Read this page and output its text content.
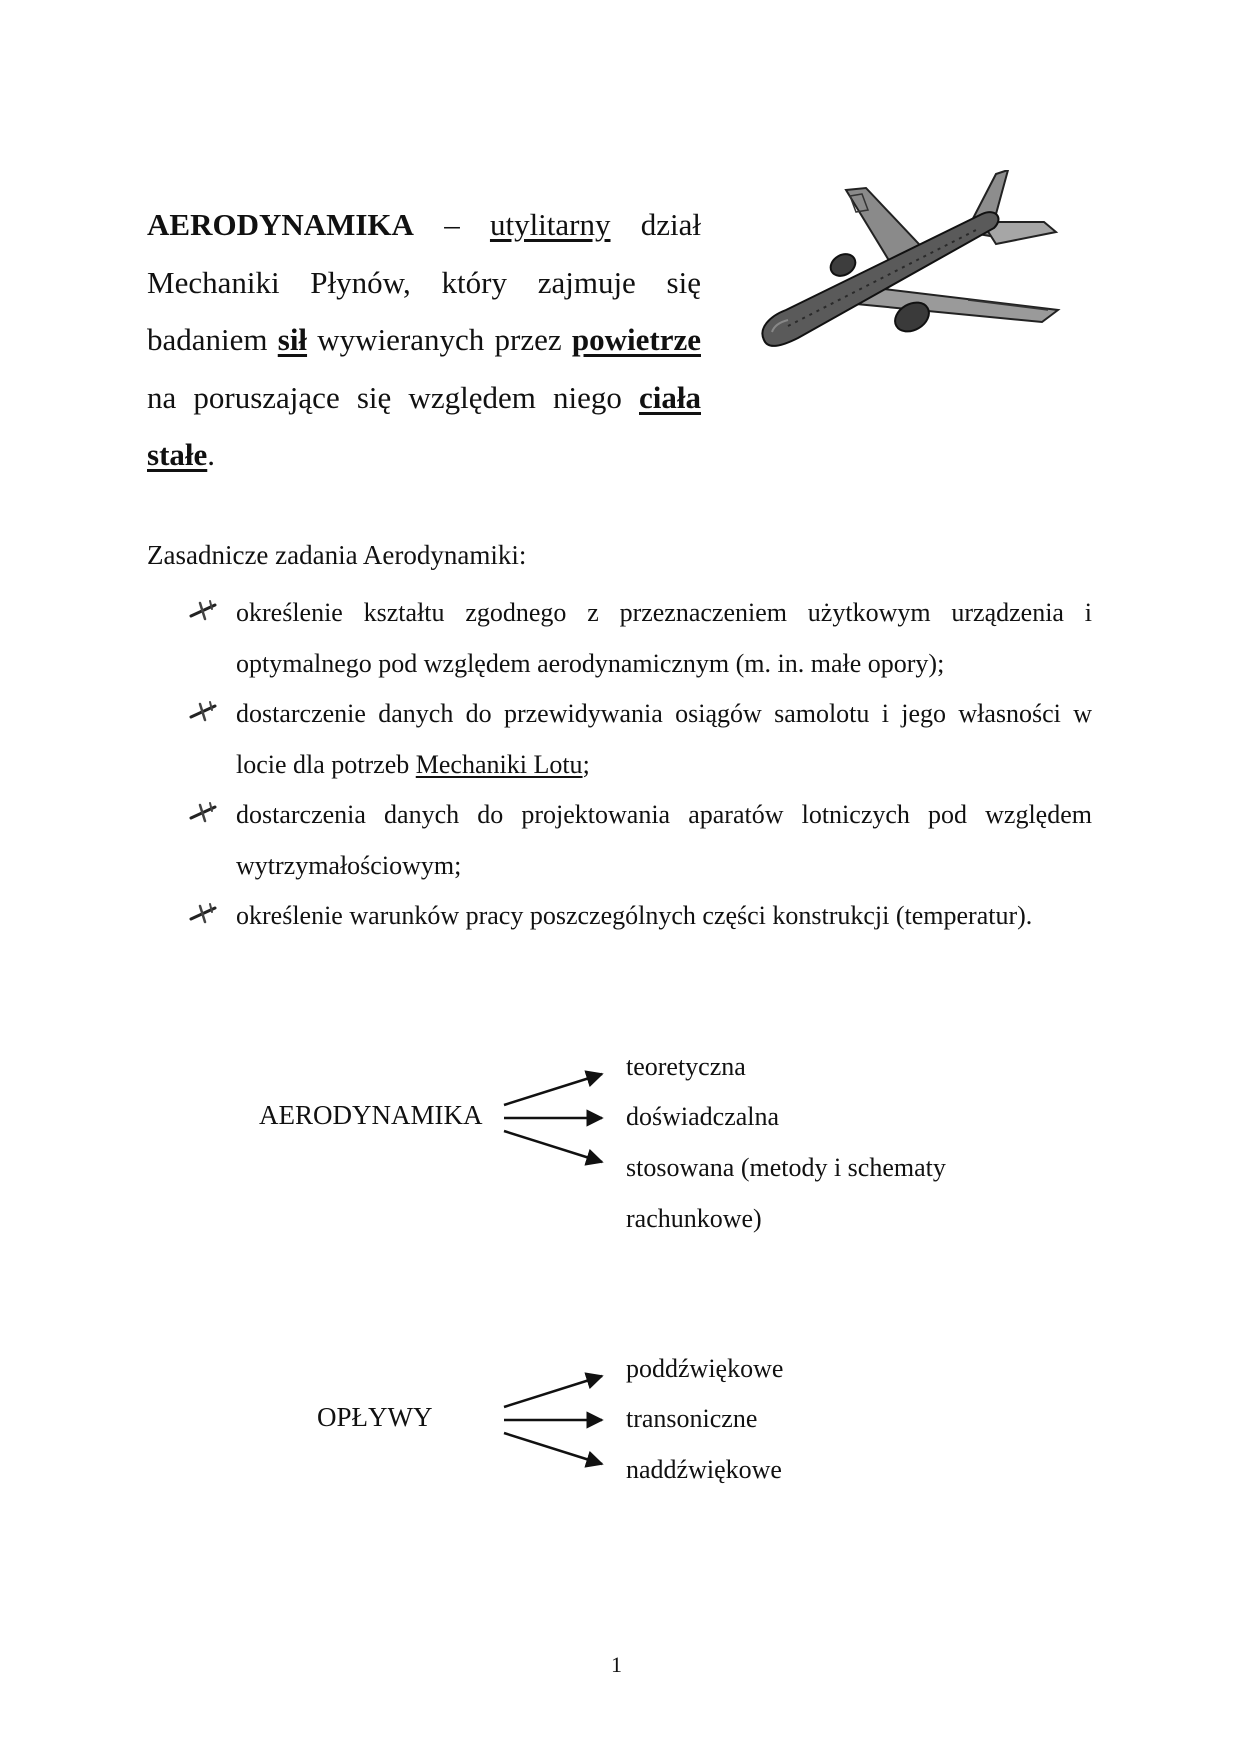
AERODYNAMIKA – utylitarny dział Mechaniki Płynów, który zajmuje się badaniem sił wywieranych przez powietrze na poruszające się względem niego ciała stałe.
Zasadnicze zadania Aerodynamiki:
określenie kształtu zgodnego z przeznaczeniem użytkowym urządzenia i optymalnego pod względem aerodynamicznym (m. in. małe opory);
dostarczenie danych do przewidywania osiągów samolotu i jego własności w locie dla potrzeb Mechaniki Lotu;
dostarczenia danych do projektowania aparatów lotniczych pod względem wytrzymałościowym;
określenie warunków pracy poszczególnych części konstrukcji (temperatur).
AERODYNAMIKA
teoretyczna
doświadczalna
stosowana (metody i schematy rachunkowe)
OPŁYWY
poddźwiękowe
transoniczne
naddźwiękowe
1
